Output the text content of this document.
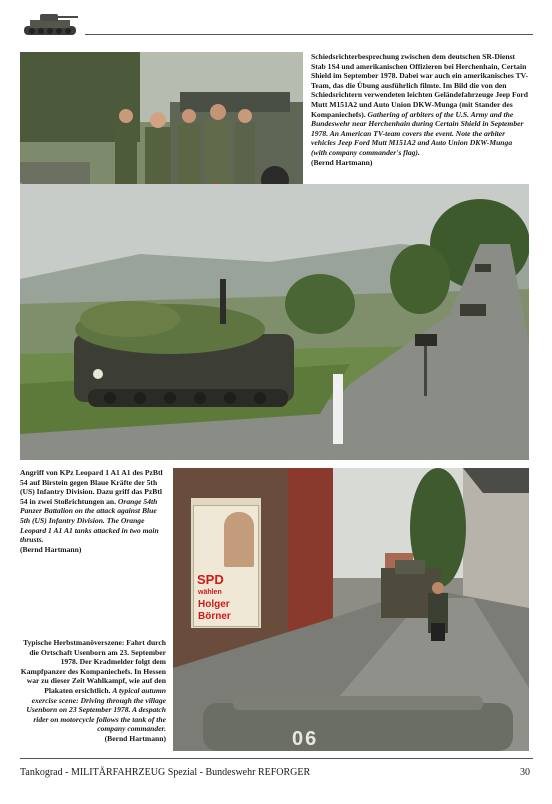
Schiedsrichterbesprechung zwischen dem deutschen SR-Dienst Stab 1S4 und amerikanischen Offizieren bei Herchenhain, Certain Shield im September 1978. Dabei war auch ein amerikanisches TV-Team, das die Übung ausführlich filmte. Im Bild die von den Schiedsrichtern verwendeten leichten Geländefahrzeuge Jeep Ford Mutt M151A2 und Auto Union DKW-Munga (mit Stander des Kompaniechefs). Gathering of arbiters of the U.S. Army and the Bundeswehr near Herchenhain during Certain Shield in September 1978. An American TV-team covers the event. Note the arbiter vehicles Jeep Ford Mutt M151A2 and Auto Union DKW-Munga (with company commander's flag).
(Bernd Hartmann)
Angriff von KPz Leopard 1 A1 A1 des PzBtl 54 auf Birstein gegen Blaue Kräfte der 5th (US) Infantry Division. Dazu griff das PzBtl 54 in zwei Stoßrichtungen an. Orange 54th Panzer Battalion on the attack against Blue 5th (US) Infantry Division. The Orange Leopard 1 A1 A1 tanks attacked in two main thrusts.
(Bernd Hartmann)
SPD
wählen
Holger
Börner
06
Typische Herbstmanöverszene: Fahrt durch die Ortschaft Usenborn am 23. September 1978. Der Kradmelder folgt dem Kampfpanzer des Kompaniechefs. In Hessen war zu dieser Zeit Wahlkampf, wie auf den Plakaten ersichtlich. A typical autumn exercise scene: Driving through the village Usenborn on 23 September 1978. A despatch rider on motorcycle follows the tank of the company commander.
(Bernd Hartmann)
Tankograd - MILITÄRFAHRZEUG Spezial - Bundeswehr REFORGER	30
